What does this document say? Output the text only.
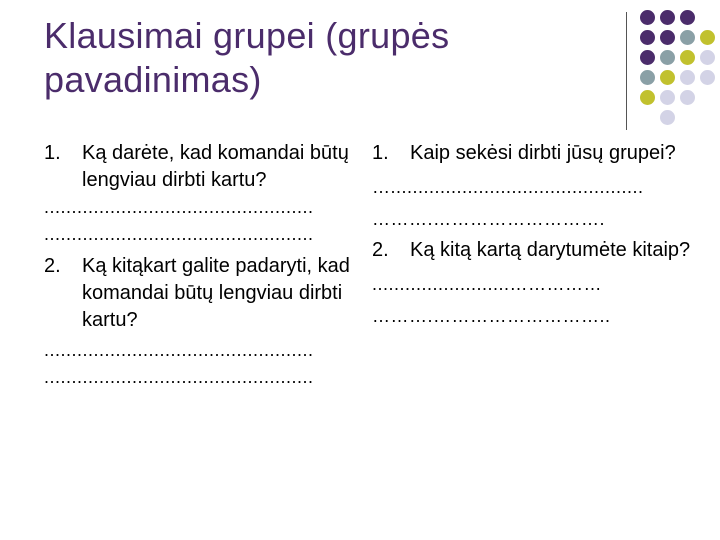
Klausimai grupei (grupės pavadinimas)
1. Ką darėte, kad komandai būtų lengviau dirbti kartu?
.................................................
.................................................
2. Ką kitąkart galite padaryti, kad komandai būtų lengviau dirbti kartu?
.................................................
.................................................
1. Kaip sekėsi dirbti jūsų grupei?
…..............................................
……….……………………….
2. Ką kitą kartą darytumėte kitaip?
.........................……………
……….………………………..
